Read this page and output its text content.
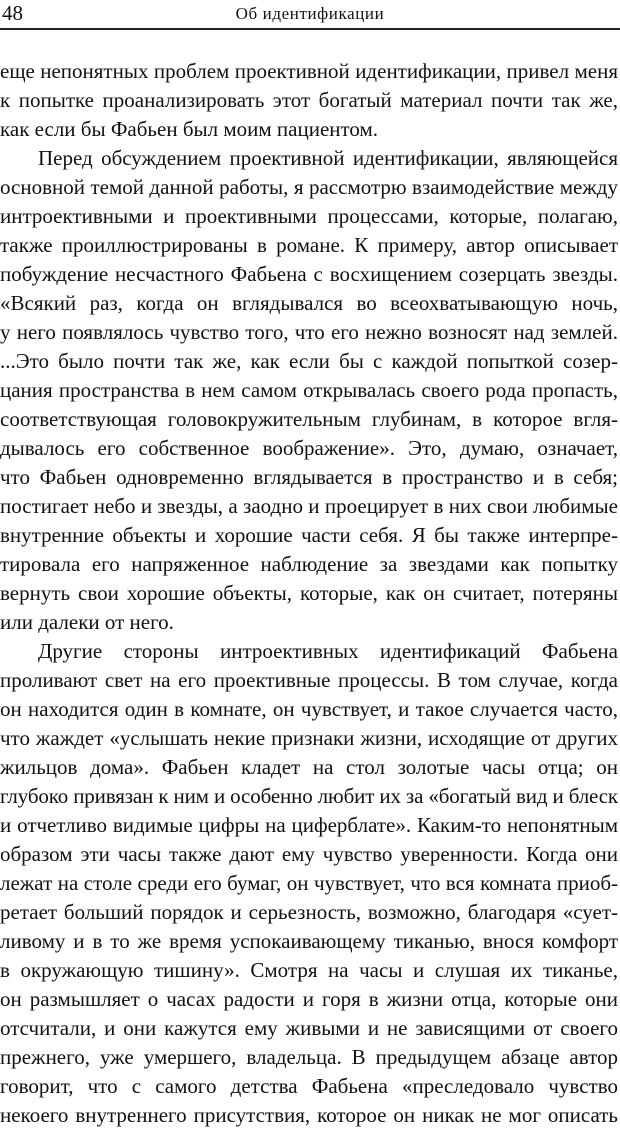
48	Об идентификации
еще непонятных проблем проективной идентификации, привел меня
к попытке проанализировать этот богатый материал почти так же,
как если бы Фабьен был моим пациентом.
Перед обсуждением проективной идентификации, являющейся
основной темой данной работы, я рассмотрю взаимодействие между
интроективными и проективными процессами, которые, полагаю,
также проиллюстрированы в романе. К примеру, автор описывает
побуждение несчастного Фабьена с восхищением созерцать звезды.
«Всякий раз, когда он вглядывался во всеохватывающую ночь,
у него появлялось чувство того, что его нежно возносят над землей.
...Это было почти так же, как если бы с каждой попыткой созер-
цания пространства в нем самом открывалась своего рода пропасть,
соответствующая головокружительным глубинам, в которое вгля-
дывалось его собственное воображение». Это, думаю, означает,
что Фабьен одновременно вглядывается в пространство и в себя;
постигает небо и звезды, а заодно и проецирует в них свои любимые
внутренние объекты и хорошие части себя. Я бы также интерпре-
тировала его напряженное наблюдение за звездами как попытку
вернуть свои хорошие объекты, которые, как он считает, потеряны
или далеки от него.
Другие стороны интроективных идентификаций Фабьена
проливают свет на его проективные процессы. В том случае, когда
он находится один в комнате, он чувствует, и такое случается часто,
что жаждет «услышать некие признаки жизни, исходящие от других
жильцов дома». Фабьен кладет на стол золотые часы отца; он
глубоко привязан к ним и особенно любит их за «богатый вид и блеск
и отчетливо видимые цифры на циферблате». Каким-то непонятным
образом эти часы также дают ему чувство уверенности. Когда они
лежат на столе среди его бумаг, он чувствует, что вся комната приоб-
ретает больший порядок и серьезность, возможно, благодаря «сует-
ливому и в то же время успокаивающему тиканью, внося комфорт
в окружающую тишину». Смотря на часы и слушая их тиканье,
он размышляет о часах радости и горя в жизни отца, которые они
отсчитали, и они кажутся ему живыми и не зависящими от своего
прежнего, уже умершего, владельца. В предыдущем абзаце автор
говорит, что с самого детства Фабьена «преследовало чувство
некоего внутреннего присутствия, которое он никак не мог описать
